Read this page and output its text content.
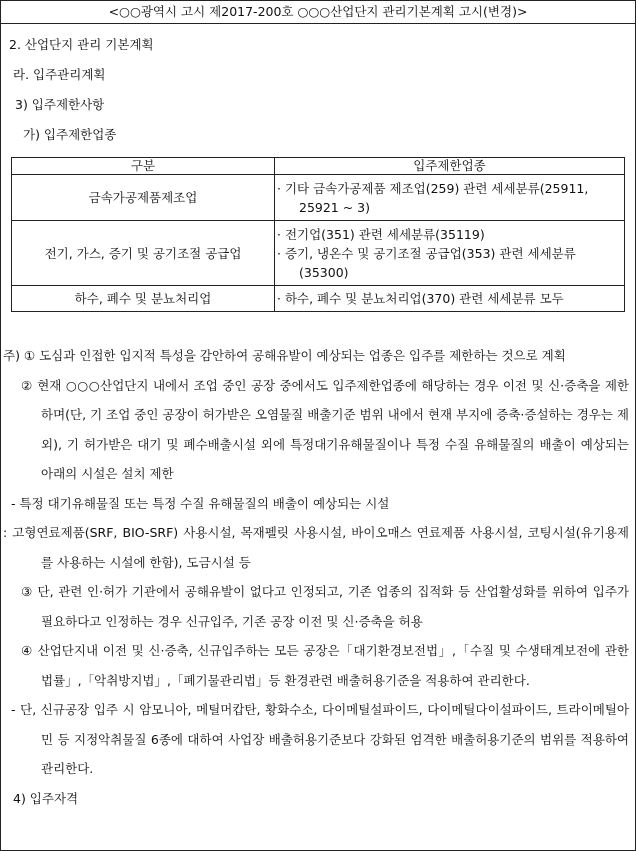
<○○광역시 고시 제2017-200호 ○○○산업단지 관리기본계획 고시(변경)>
2. 산업단지 관리 기본계획
라. 입주관리계획
3) 입주제한사항
가) 입주제한업종
구분	입주제한업종
금속가공제품제조업	· 기타 금속가공제품 제조업(259) 관련 세세분류(25911, 25921 ~ 3)

전기, 가스, 증기 및 공기조절 공급업	· 전기업(351) 관련 세세분류(35119)
· 증기, 냉온수 및 공기조절 공급업(353) 관련 세세분류(35300)

하수, 폐수 및 분뇨처리업	· 하수, 폐수 및 분뇨처리업(370) 관련 세세분류 모두
주) ① 도심과 인접한 입지적 특성을 감안하여 공해유발이 예상되는 업종은 입주를 제한하는 것으로 계획
② 현재 ○○○산업단지 내에서 조업 중인 공장 중에서도 입주제한업종에 해당하는 경우 이전 및 신·증축을 제한하며(단, 기 조업 중인 공장이 허가받은 오염물질 배출기준 범위 내에서 현재 부지에 증축·증설하는 경우는 제외), 기 허가받은 대기 및 폐수배출시설 외에 특정대기유해물질이나 특정 수질 유해물질의 배출이 예상되는 아래의 시설은 설치 제한
- 특정 대기유해물질 또는 특정 수질 유해물질의 배출이 예상되는 시설
: 고형연료제품(SRF, BIO-SRF) 사용시설, 목재펠릿 사용시설, 바이오매스 연료제품 사용시설, 코팅시설(유기용제를 사용하는 시설에 한함), 도금시설 등
③ 단, 관련 인·허가 기관에서 공해유발이 없다고 인정되고, 기존 업종의 집적화 등 산업활성화를 위하여 입주가 필요하다고 인정하는 경우 신규입주, 기존 공장 이전 및 신·증축을 허용
④ 산업단지내 이전 및 신·증축, 신규입주하는 모든 공장은「대기환경보전법」,「수질 및 수생태계보전에 관한 법률」,「악취방지법」,「폐기물관리법」등 환경관련 배출허용기준을 적용하여 관리한다.
- 단, 신규공장 입주 시 암모니아, 메틸머캅탄, 황화수소, 다이메틸설파이드, 다이메틸다이설파이드, 트라이메틸아민 등 지정악취물질 6종에 대하여 사업장 배출허용기준보다 강화된 엄격한 배출허용기준의 범위를 적용하여 관리한다.
4) 입주자격
